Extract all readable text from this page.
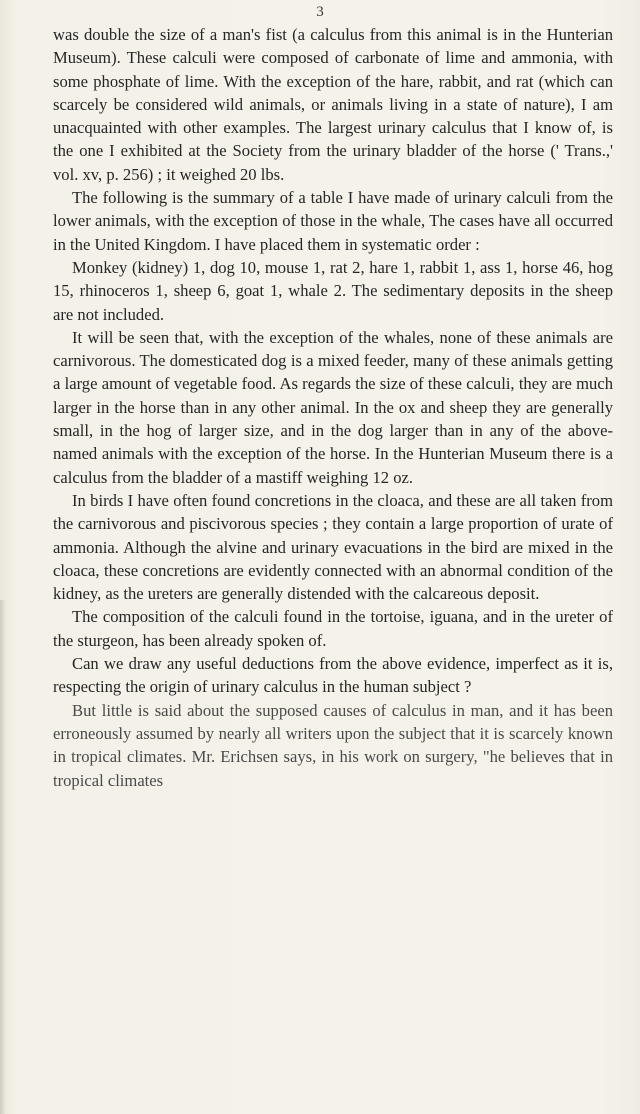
3

was double the size of a man's fist (a calculus from this animal is in the Hunterian Museum). These calculi were composed of carbonate of lime and ammonia, with some phosphate of lime. With the exception of the hare, rabbit, and rat (which can scarcely be considered wild animals, or animals living in a state of nature), I am unacquainted with other examples. The largest urinary calculus that I know of, is the one I exhibited at the Society from the urinary bladder of the horse (' Trans.,' vol. xv, p. 256) ; it weighed 20 lbs.

The following is the summary of a table I have made of urinary calculi from the lower animals, with the exception of those in the whale, The cases have all occurred in the United Kingdom. I have placed them in systematic order :

Monkey (kidney) 1, dog 10, mouse 1, rat 2, hare 1, rabbit 1, ass 1, horse 46, hog 15, rhinoceros 1, sheep 6, goat 1, whale 2. The sedimentary deposits in the sheep are not included.

It will be seen that, with the exception of the whales, none of these animals are carnivorous. The domesticated dog is a mixed feeder, many of these animals getting a large amount of vegetable food. As regards the size of these calculi, they are much larger in the horse than in any other animal. In the ox and sheep they are generally small, in the hog of larger size, and in the dog larger than in any of the above-named animals with the exception of the horse. In the Hunterian Museum there is a calculus from the bladder of a mastiff weighing 12 oz.

In birds I have often found concretions in the cloaca, and these are all taken from the carnivorous and piscivorous species ; they contain a large proportion of urate of ammonia. Although the alvine and urinary evacuations in the bird are mixed in the cloaca, these concretions are evidently connected with an abnormal condition of the kidney, as the ureters are generally distended with the calcareous deposit.

The composition of the calculi found in the tortoise, iguana, and in the ureter of the sturgeon, has been already spoken of.

Can we draw any useful deductions from the above evidence, imperfect as it is, respecting the origin of urinary calculus in the human subject ?

But little is said about the supposed causes of calculus in man, and it has been erroneously assumed by nearly all writers upon the subject that it is scarcely known in tropical climates. Mr. Erichsen says, in his work on surgery, "he believes that in tropical climates
